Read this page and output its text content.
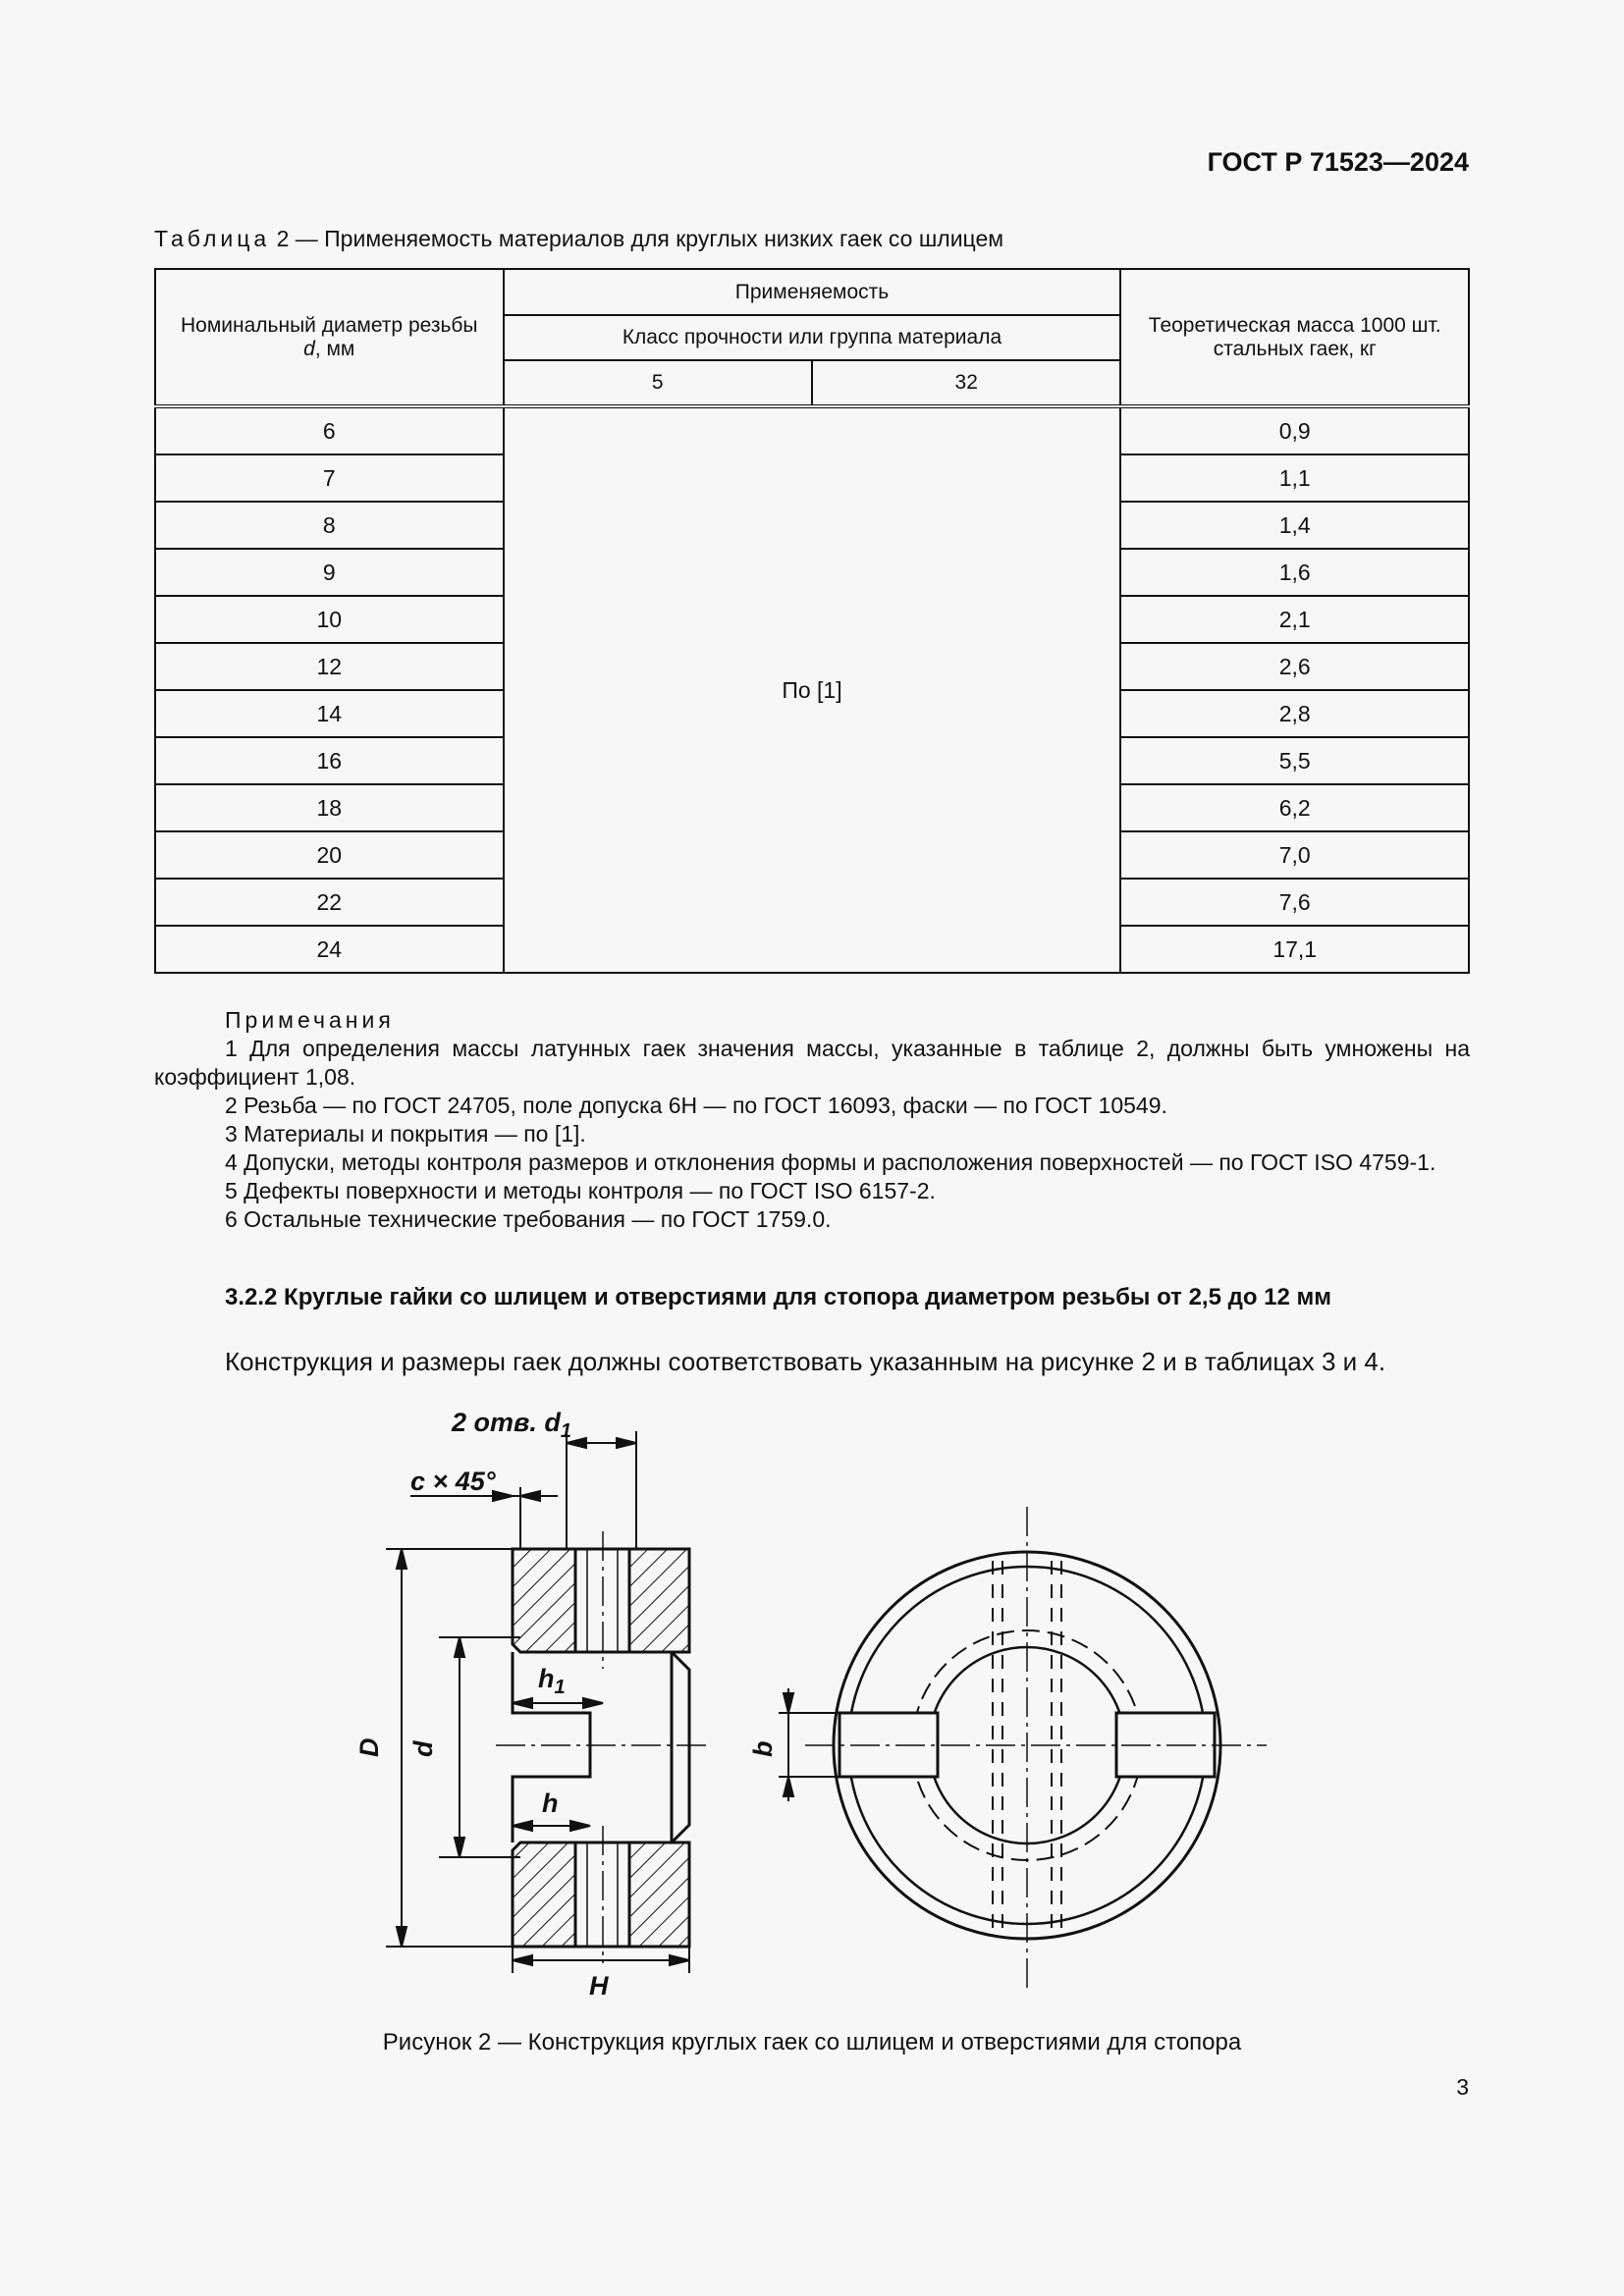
ГОСТ Р 71523—2024
Таблица 2 — Применяемость материалов для круглых низких гаек со шлицем
Номинальный диаметр резьбы
d, мм	Применяемость		Теоретическая масса 1000 шт.
стальных гаек, кг
	Класс прочности или группа материала		
	5	32	
6	По [1]		0,9
7			1,1
8			1,4
9			1,6
10			2,1
12			2,6
14			2,8
16			5,5
18			6,2
20			7,0
22			7,6
24			17,1
Примечания

1 Для определения массы латунных гаек значения массы, указанные в таблице 2, должны быть умножены на коэффициент 1,08.

2 Резьба — по ГОСТ 24705, поле допуска 6H — по ГОСТ 16093, фаски — по ГОСТ 10549.

3 Материалы и покрытия — по [1].

4 Допуски, методы контроля размеров и отклонения формы и расположения поверхностей — по ГОСТ ISO 4759-1.

5 Дефекты поверхности и методы контроля — по ГОСТ ISO 6157-2.

6 Остальные технические требования — по ГОСТ 1759.0.

3.2.2 Круглые гайки со шлицем и отверстиями для стопора диаметром резьбы от 2,5 до 12 мм
Конструкция и размеры гаек должны соответствовать указанным на рисунке 2 и в таблицах 3 и 4.
2 отв. $d_1$
c × 45°
$h_1$
h
D d
H
b
Рисунок 2 — Конструкция круглых гаек со шлицем и отверстиями для стопора
3
